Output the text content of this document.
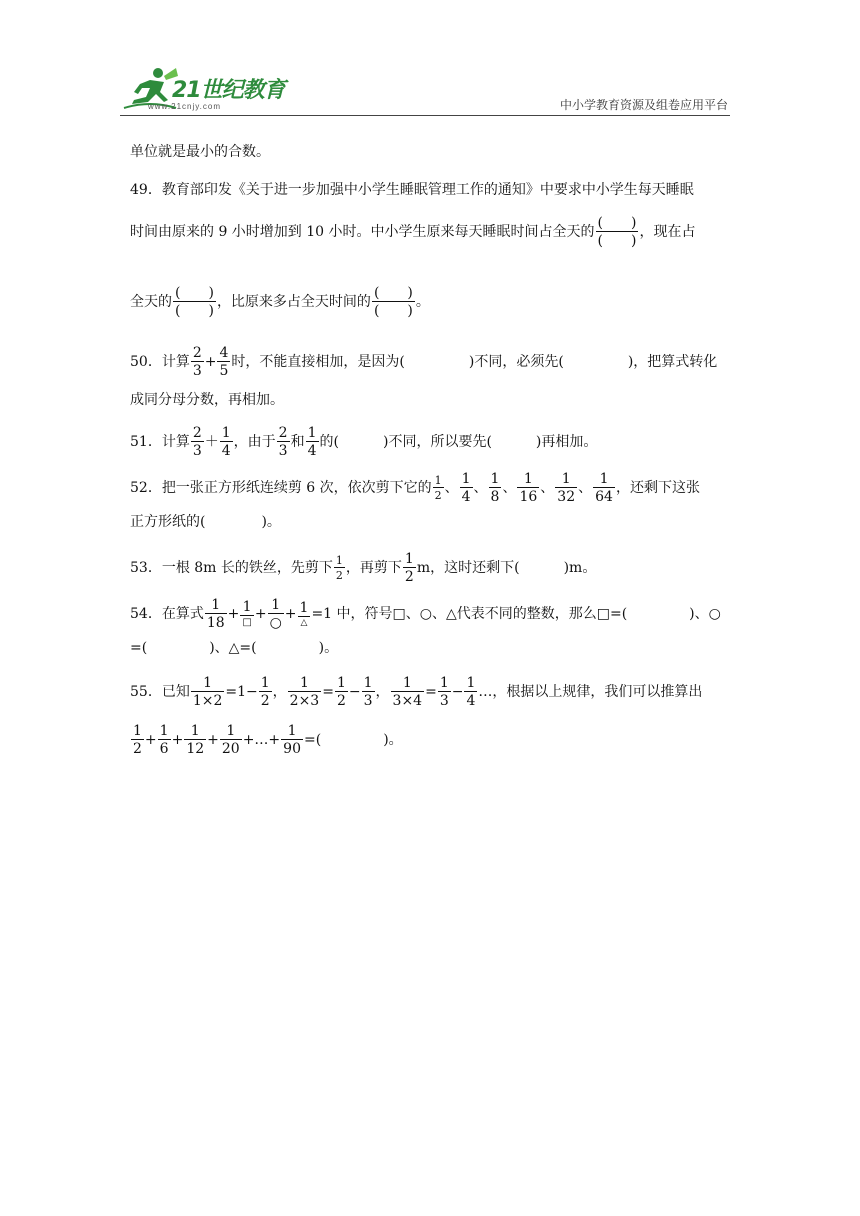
21世纪教育
www.21cnjy.com	中小学教育资源及组卷应用平台
单位就是最小的合数。
49．教育部印发《关于进一步加强中小学生睡眠管理工作的通知》中要求中小学生每天睡眠
时间由原来的 9 小时增加到 10 小时。中小学生原来每天睡眠时间占全天的 $\frac{( )}{( )}$ ，现在占
全天的 $\frac{( )}{( )}$ ，比原来多占全天时间的 $\frac{( )}{( )}$ 。
50．计算 $\frac{2}{3} + \frac{4}{5}$ 时，不能直接相加，是因为(	)不同，必须先(	)，把算式转化
成同分母分数，再相加。
51．计算 $\frac{2}{3} + \frac{1}{4}$ ，由于 $\frac{2}{3}$ 和 $\frac{1}{4}$ 的(	)不同，所以要先(	)再相加。
52．把一张正方形纸连续剪 6 次，依次剪下它的 $\frac{1}{2}$ 、 $\frac{1}{4}$ 、 $\frac{1}{8}$ 、 $\frac{1}{16}$ 、 $\frac{1}{32}$ 、 $\frac{1}{64}$ ，还剩下这张
正方形纸的(	)。
53．一根 8m 长的铁丝，先剪下 $\frac{1}{2}$ ，再剪下 $\frac{1}{2}$ m，这时还剩下(	)m。
54．在算式 $\frac{1}{18} + \frac{1}{□} + \frac{1}{○} + \frac{1}{\triangle} =1$ 中，符号□、○、△代表不同的整数，那么□=(	)、○
=(	)、△=(	)。
55．已知 $\frac{1}{1\times 2} =1- \frac{1}{2}$ ， $\frac{1}{2\times 3} = \frac{1}{2} - \frac{1}{3}$ ， $\frac{1}{3\times 4} = \frac{1}{3} - \frac{1}{4}$ …，根据以上规律，我们可以推算出
$\frac{1}{2} + \frac{1}{6} + \frac{1}{12} + \frac{1}{20}$ +…+ $\frac{1}{90}$ =(	)。
